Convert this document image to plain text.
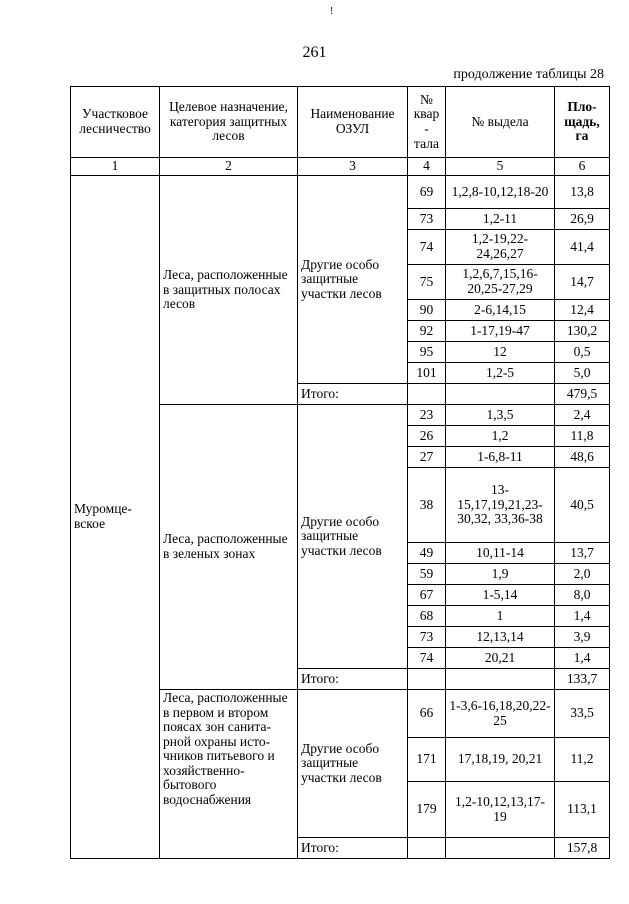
!
261
продолжение таблицы 28
Участковое лесничество	Целевое назначение, категория защитных лесов	Наименование ОЗУЛ	№ квар - тала	№ выдела	Пло-щадь, га
1	2	3	4	5	6
Муромце-вское	Леса, расположенные в защитных полосах лесов	Другие особо защитные участки лесов	69	1,2,8-10,12,18-20	13,8
			73	1,2-11	26,9
			74	1,2-19,22-24,26,27	41,4
			75	1,2,6,7,15,16-20,25-27,29	14,7
			90	2-6,14,15	12,4
			92	1-17,19-47	130,2
			95	12	0,5
			101	1,2-5	5,0
		Итого:			479,5
	Леса, расположенные в зеленых зонах	Другие особо защитные участки лесов	23	1,3,5	2,4
			26	1,2	11,8
			27	1-6,8-11	48,6
			38	13-15,17,19,21,23-30,32, 33,36-38	40,5
			49	10,11-14	13,7
			59	1,9	2,0
			67	1-5,14	8,0
			68	1	1,4
			73	12,13,14	3,9
			74	20,21	1,4
		Итого:			133,7
	Леса, расположенные в первом и втором поясах зон санита-рной охраны исто-чников питьевого и хозяйственно-бытового водоснабжения	Другие особо защитные участки лесов	66	1-3,6-16,18,20,22-25	33,5
			171	17,18,19, 20,21	11,2
			179	1,2-10,12,13,17-19	113,1
		Итого:			157,8
